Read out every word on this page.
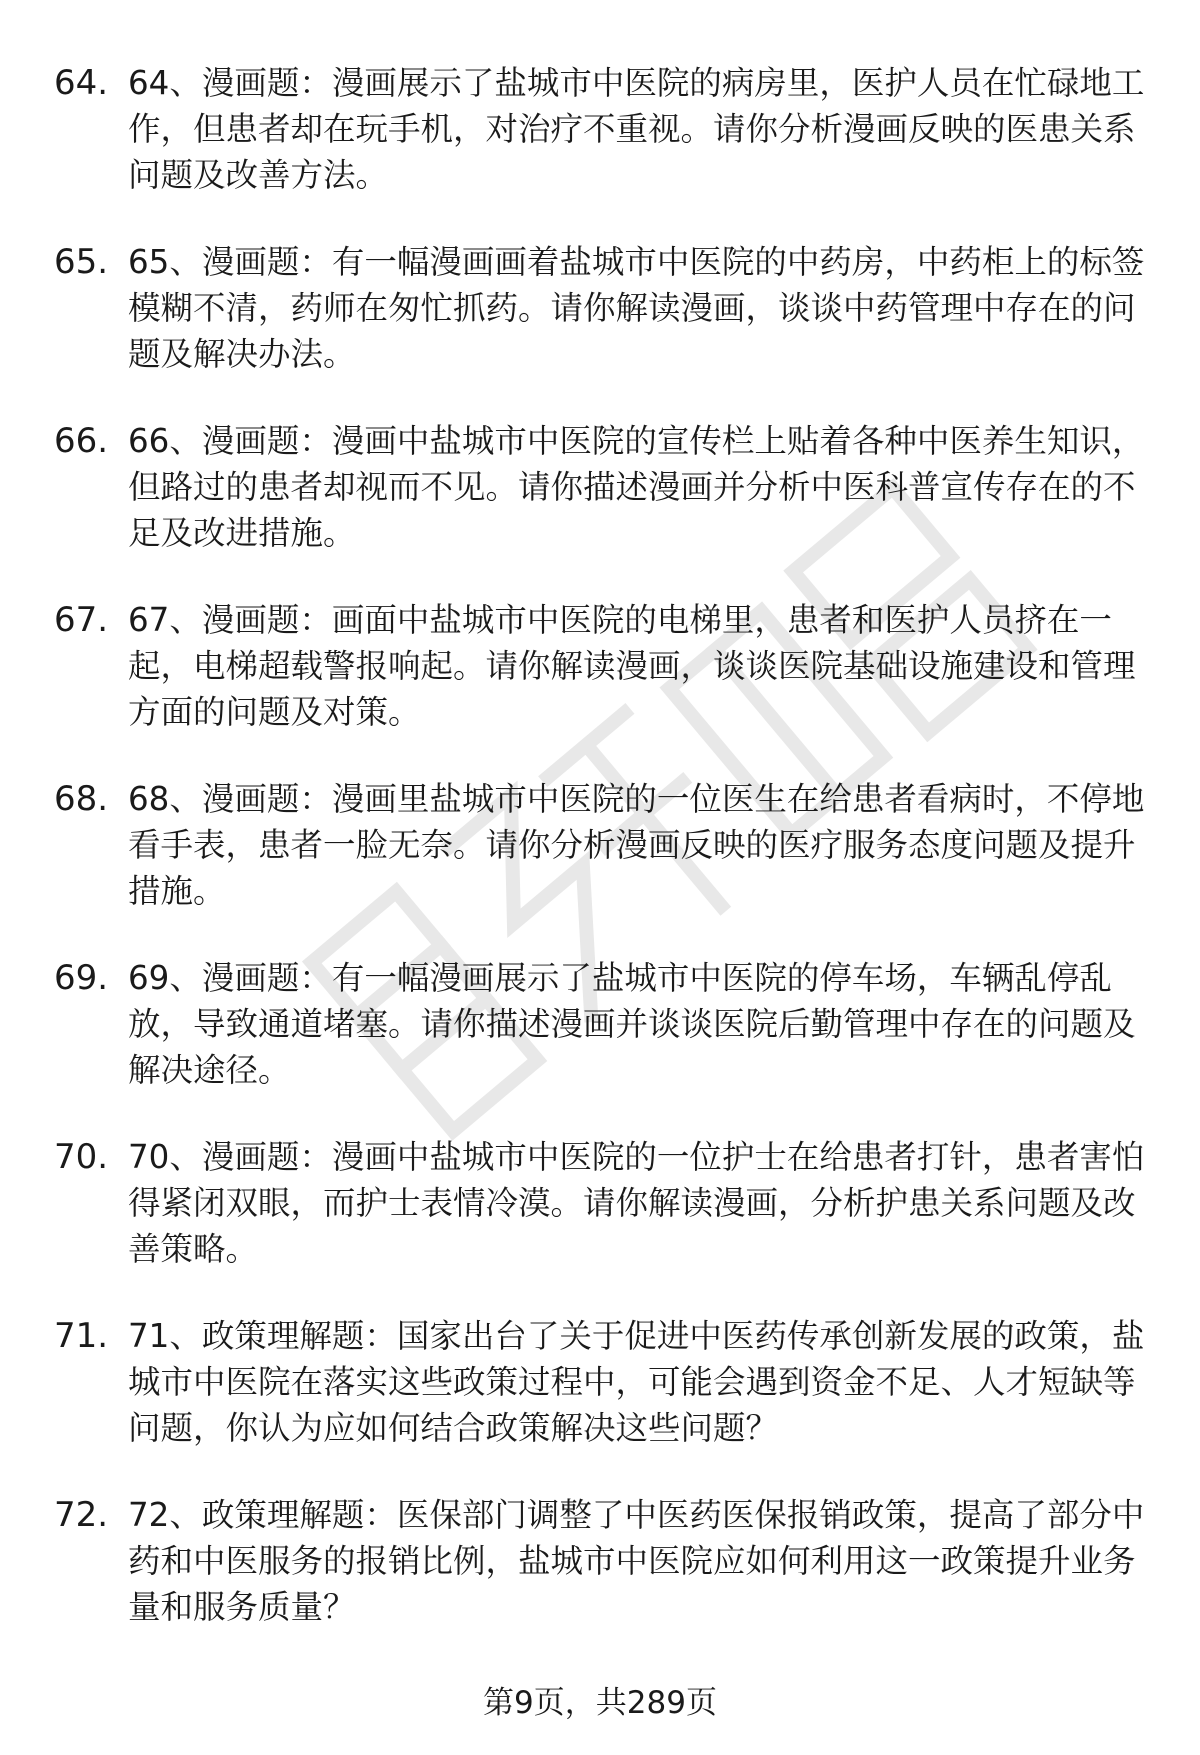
64. 64、漫画题：漫画展示了盐城市中医院的病房里，医护人员在忙碌地工作，但患者却在玩手机，对治疗不重视。请你分析漫画反映的医患关系问题及改善方法。
65. 65、漫画题：有一幅漫画画着盐城市中医院的中药房，中药柜上的标签模糊不清，药师在匆忙抓药。请你解读漫画，谈谈中药管理中存在的问题及解决办法。
66. 66、漫画题：漫画中盐城市中医院的宣传栏上贴着各种中医养生知识，但路过的患者却视而不见。请你描述漫画并分析中医科普宣传存在的不足及改进措施。
67. 67、漫画题：画面中盐城市中医院的电梯里，患者和医护人员挤在一起，电梯超载警报响起。请你解读漫画，谈谈医院基础设施建设和管理方面的问题及对策。
68. 68、漫画题：漫画里盐城市中医院的一位医生在给患者看病时，不停地看手表，患者一脸无奈。请你分析漫画反映的医疗服务态度问题及提升措施。
69. 69、漫画题：有一幅漫画展示了盐城市中医院的停车场，车辆乱停乱放，导致通道堵塞。请你描述漫画并谈谈医院后勤管理中存在的问题及解决途径。
70. 70、漫画题：漫画中盐城市中医院的一位护士在给患者打针，患者害怕得紧闭双眼，而护士表情冷漠。请你解读漫画，分析护患关系问题及改善策略。
71. 71、政策理解题：国家出台了关于促进中医药传承创新发展的政策，盐城市中医院在落实这些政策过程中，可能会遇到资金不足、人才短缺等问题，你认为应如何结合政策解决这些问题？
72. 72、政策理解题：医保部门调整了中医药医保报销政策，提高了部分中药和中医服务的报销比例，盐城市中医院应如何利用这一政策提升业务量和服务质量？
第9页，共289页
